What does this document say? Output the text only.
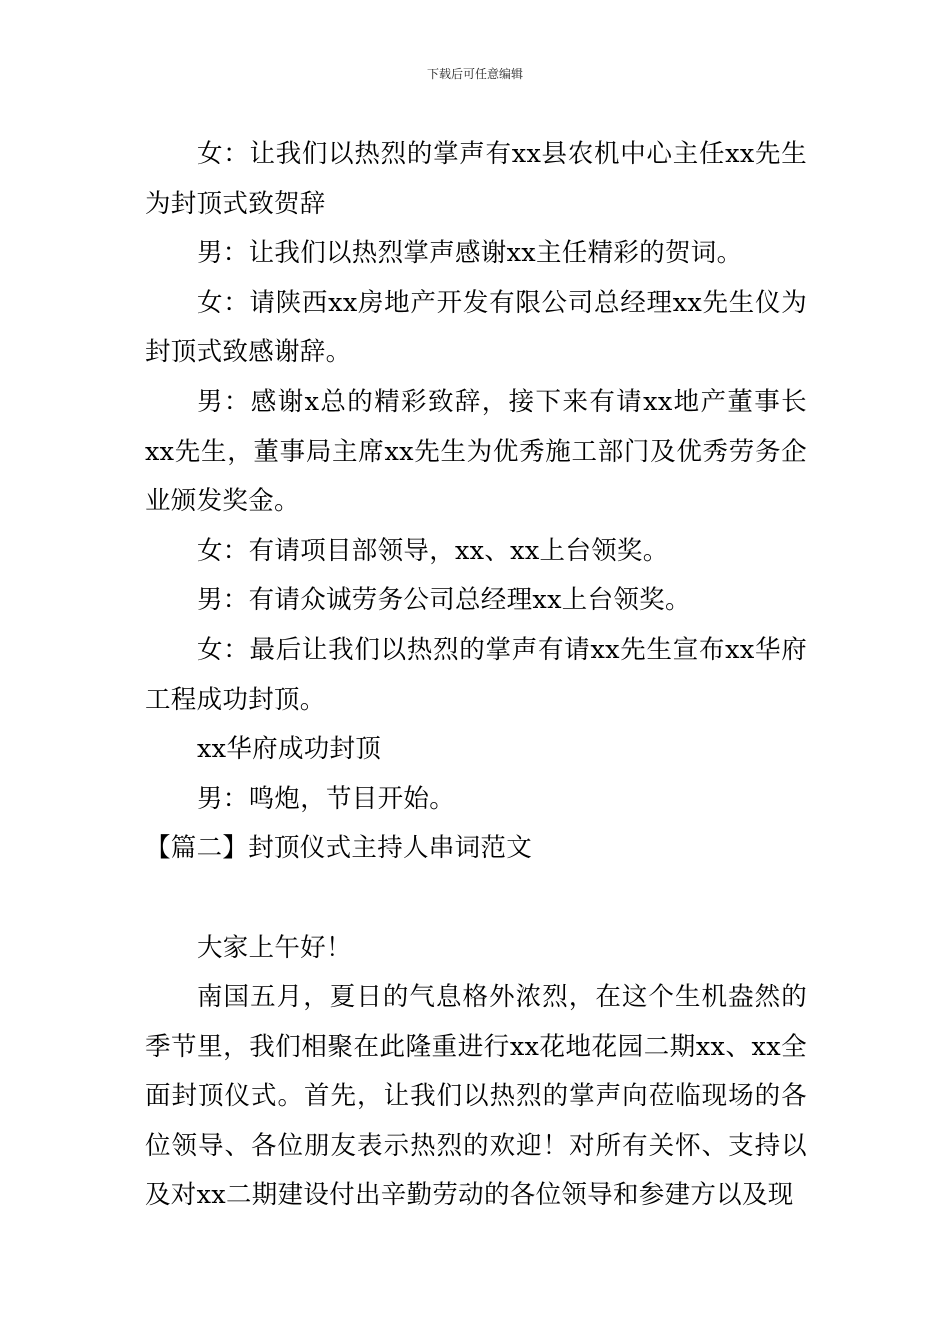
下载后可任意编辑

女：让我们以热烈的掌声有xx县农机中心主任xx先生为封顶式致贺辞

男：让我们以热烈掌声感谢xx主任精彩的贺词。

女：请陕西xx房地产开发有限公司总经理xx先生仪为封顶式致感谢辞。

男：感谢x总的精彩致辞，接下来有请xx地产董事长xx先生，董事局主席xx先生为优秀施工部门及优秀劳务企业颁发奖金。

女：有请项目部领导，xx、xx上台领奖。

男：有请众诚劳务公司总经理xx上台领奖。

女：最后让我们以热烈的掌声有请xx先生宣布xx华府工程成功封顶。

xx华府成功封顶

男：鸣炮，节目开始。

【篇二】封顶仪式主持人串词范文

大家上午好！

南国五月，夏日的气息格外浓烈，在这个生机盎然的季节里，我们相聚在此隆重进行xx花地花园二期xx、xx全面封顶仪式。首先，让我们以热烈的掌声向莅临现场的各位领导、各位朋友表示热烈的欢迎！对所有关怀、支持以及对xx二期建设付出辛勤劳动的各位领导和参建方以及现
